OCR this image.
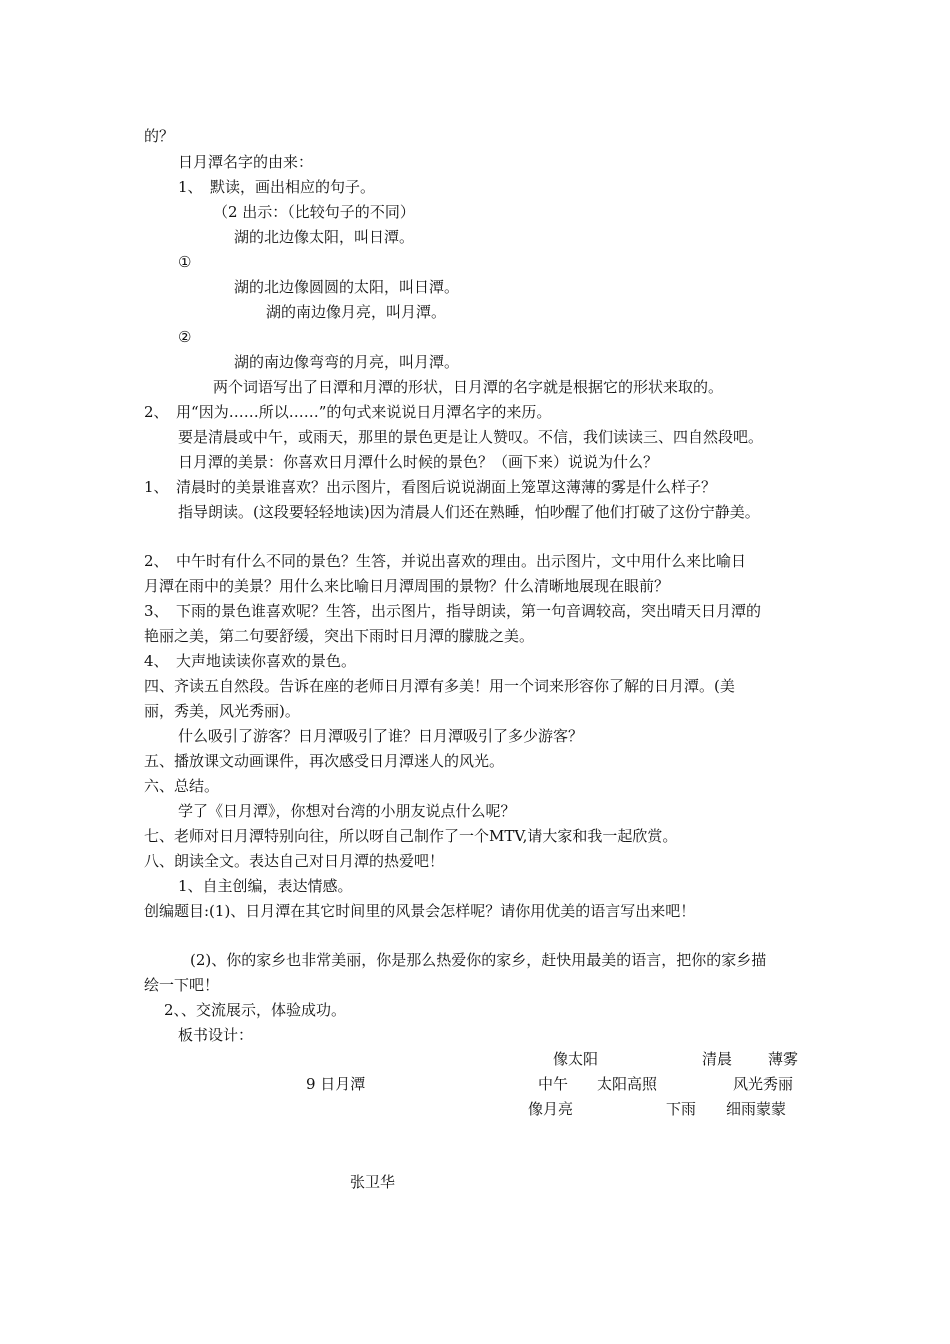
的？
日月潭名字的由来：
1、　默读，画出相应的句子。
（2 出示：（比较句子的不同）
湖的北边像太阳，叫日潭。
①
湖的北边像圆圆的太阳，叫日潭。
湖的南边像月亮，叫月潭。
②
湖的南边像弯弯的月亮，叫月潭。
两个词语写出了日潭和月潭的形状，日月潭的名字就是根据它的形状来取的。
2、　用“因为……所以……”的句式来说说日月潭名字的来历。
要是清晨或中午，或雨天，那里的景色更是让人赞叹。不信，我们读读三、四自然段吧。
日月潭的美景：你喜欢日月潭什么时候的景色？（画下来）说说为什么？
1、　清晨时的美景谁喜欢？出示图片，看图后说说湖面上笼罩这薄薄的雾是什么样子？
指导朗读。(这段要轻轻地读)因为清晨人们还在熟睡，怕吵醒了他们打破了这份宁静美。
2、　中午时有什么不同的景色？生答，并说出喜欢的理由。出示图片，文中用什么来比喻日
月潭在雨中的美景？用什么来比喻日月潭周围的景物？什么清晰地展现在眼前？
3、　下雨的景色谁喜欢呢？生答，出示图片，指导朗读，第一句音调较高，突出晴天日月潭的
艳丽之美，第二句要舒缓，突出下雨时日月潭的朦胧之美。
4、　大声地读读你喜欢的景色。
四、齐读五自然段。告诉在座的老师日月潭有多美！用一个词来形容你了解的日月潭。(美
丽，秀美，风光秀丽)。
什么吸引了游客？日月潭吸引了谁？日月潭吸引了多少游客？
五、播放课文动画课件，再次感受日月潭迷人的风光。
六、总结。
学了《日月潭》，你想对台湾的小朋友说点什么呢？
七、老师对日月潭特别向往，所以呀自己制作了一个MTV,请大家和我一起欣赏。
八、朗读全文。表达自己对日月潭的热爱吧！
1、自主创编，表达情感。
创编题目:(1)、日月潭在其它时间里的风景会怎样呢？请你用优美的语言写出来吧！
(2)、你的家乡也非常美丽，你是那么热爱你的家乡，赶快用最美的语言，把你的家乡描
绘一下吧！
2、、交流展示，体验成功。
板书设计：
9 日月潭
像太阳
中午
像月亮
太阳高照
清晨 薄雾
风光秀丽
下雨 细雨蒙蒙
张卫华
